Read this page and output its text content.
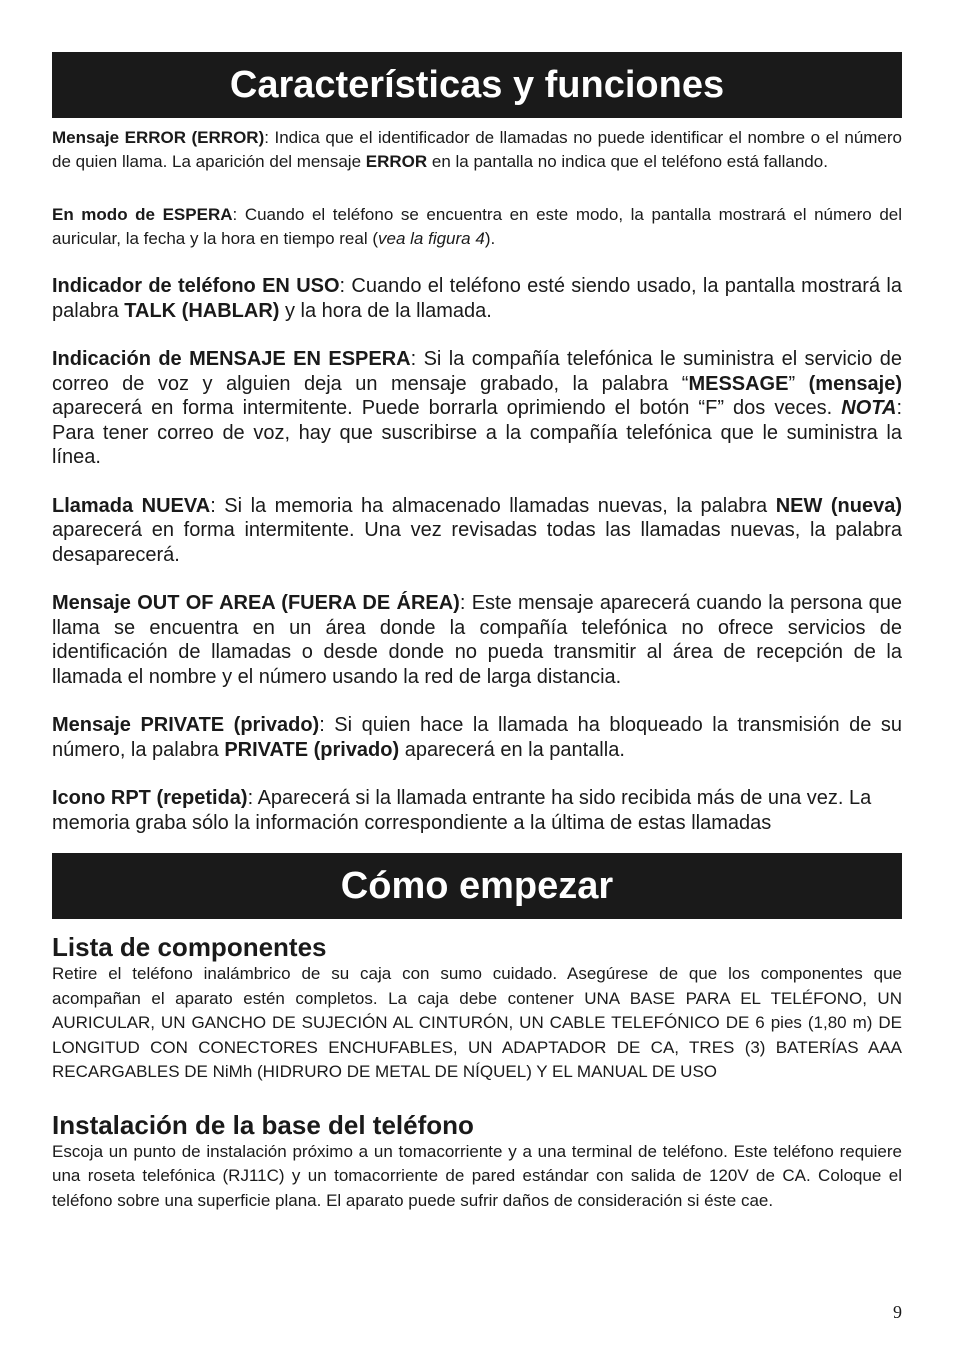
Características y funciones

Mensaje ERROR (ERROR): Indica que el identificador de llamadas no puede identificar el nombre o el número de quien llama. La aparición del mensaje ERROR en la pantalla no indica que el teléfono está fallando.

En modo de ESPERA: Cuando el teléfono se encuentra en este modo, la pantalla mostrará el número del auricular, la fecha y la hora en tiempo real (vea la figura 4).

Indicador de teléfono EN USO: Cuando el teléfono esté siendo usado, la pantalla mostrará la palabra TALK (HABLAR) y la hora de la llamada.

Indicación de MENSAJE EN ESPERA: Si la compañía telefónica le suministra el servicio de correo de voz y alguien deja un mensaje grabado, la palabra “MESSAGE” (mensaje) aparecerá en forma intermitente. Puede borrarla oprimiendo el botón “F” dos veces. NOTA: Para tener correo de voz, hay que suscribirse a la compañía telefónica que le suministra la línea.

Llamada NUEVA: Si la memoria ha almacenado llamadas nuevas, la palabra NEW (nueva) aparecerá en forma intermitente. Una vez revisadas todas las llamadas nuevas, la palabra desaparecerá.

Mensaje OUT OF AREA (FUERA DE ÁREA): Este mensaje aparecerá cuando la persona que llama se encuentra en un área donde la compañía telefónica no ofrece servicios de identificación de llamadas o desde donde no pueda transmitir al área de recepción de la llamada el nombre y el número usando la red de larga distancia.

Mensaje PRIVATE (privado): Si quien hace la llamada ha bloqueado la transmisión de su número, la palabra PRIVATE (privado) aparecerá en la pantalla.

Icono RPT (repetida): Aparecerá si la llamada entrante ha sido recibida más de una vez. La memoria graba sólo la información correspondiente a la última de estas llamadas

Cómo empezar
Lista de componentes

Retire el teléfono inalámbrico de su caja con sumo cuidado. Asegúrese de que los componentes que acompañan el aparato estén completos. La caja debe contener UNA BASE PARA EL TELÉFONO, UN AURICULAR, UN GANCHO DE SUJECIÓN AL CINTURÓN, UN CABLE TELEFÓNICO DE 6 pies (1,80 m) DE LONGITUD CON CONECTORES ENCHUFABLES, UN ADAPTADOR DE CA, TRES (3) BATERÍAS AAA RECARGABLES DE NiMh (HIDRURO DE METAL DE NÍQUEL) Y EL MANUAL DE USO

Instalación de la base del teléfono

Escoja un punto de instalación próximo a un tomacorriente y a una terminal de teléfono. Este teléfono requiere una roseta telefónica (RJ11C) y un tomacorriente de pared estándar con salida de 120V de CA. Coloque el teléfono sobre una superficie plana. El aparato puede sufrir daños de consideración si éste cae.

9
